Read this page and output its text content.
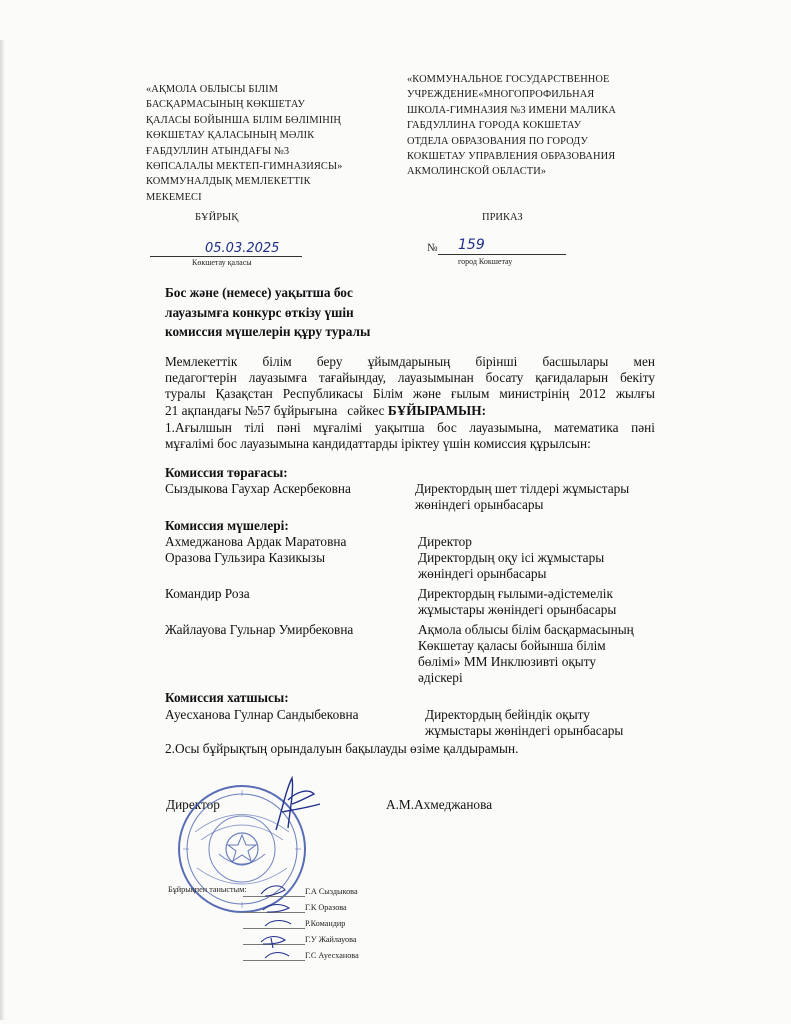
«АҚМОЛА ОБЛЫСЫ БІЛІМ
БАСҚАРМАСЫНЫҢ КӨКШЕТАУ
ҚАЛАСЫ БОЙЫНША БІЛІМ БӨЛІМІНІҢ
КӨКШЕТАУ ҚАЛАСЫНЫҢ МӘЛІК
ҒАБДУЛЛИН АТЫНДАҒЫ №3
КӨПСАЛАЛЫ МЕКТЕП-ГИМНАЗИЯСЫ»
КОММУНАЛДЫҚ МЕМЛЕКЕТТІК
МЕКЕМЕСІ
«КОММУНАЛЬНОЕ ГОСУДАРСТВЕННОЕ
УЧРЕЖДЕНИЕ«МНОГОПРОФИЛЬНАЯ
ШКОЛА-ГИМНАЗИЯ №3 ИМЕНИ МАЛИКА
ГАБДУЛЛИНА ГОРОДА КОКШЕТАУ
ОТДЕЛА ОБРАЗОВАНИЯ ПО ГОРОДУ
КОКШЕТАУ УПРАВЛЕНИЯ ОБРАЗОВАНИЯ
АКМОЛИНСКОЙ ОБЛАСТИ»
БҰЙРЫҚ	ПРИКАЗ
05.03.2025
Көкшетау қаласы
№ 159
город Кокшетау
Бос және (немесе) уақытша бос
лауазымға конкурс өткізу үшін
комиссия мүшелерін құру туралы
Мемлекеттік білім беру ұйымдарының бірінші басшылары мен
педагогтерін лауазымға тағайындау, лауазымынан босату қағидаларын бекіту
туралы Қазақстан Республикасы Білім және ғылым министрінің 2012 жылғы
21 ақпандағы №57 бұйрығына   сәйкес БҰЙЫРАМЫН:
1.Ағылшын тілі пәні мұғалімі уақытша бос лауазымына, математика пәні
мұғалімі бос лауазымына кандидаттарды іріктеу үшін комиссия құрылсын:
Комиссия төрағасы:
Сыздыкова Гаухар Аскербековна	Директордың шет тілдері жұмыстары
жөніндегі орынбасары
Комиссия мүшелері:
Ахмеджанова Ардак Маратовна	Директор
Оразова Гульзира Казикызы	Директордың оқу ісі жұмыстары
жөніндегі орынбасары
Командир Роза	Директордың ғылыми-әдістемелік
жұмыстары жөніндегі орынбасары
Жайлауова Гульнар Умирбековна	Ақмола облысы білім басқармасының
Көкшетау қаласы бойынша білім
бөлімі» ММ Инклюзивті оқыту
әдіскері
Комиссия хатшысы:
Ауесханова Гулнар Сандыбековна	Директордың бейіндік оқыту
жұмыстары жөніндегі орынбасары
2.Осы бұйрықтың орындалуын бақылауды өзіме қалдырамын.
Директор	А.М.Ахмеджанова
Бұйрықпен таныстым:	Г.А Сыздыкова
Г.К Оразова
Р.Командир
Г.У Жайлауова
Г.С Ауесханова
